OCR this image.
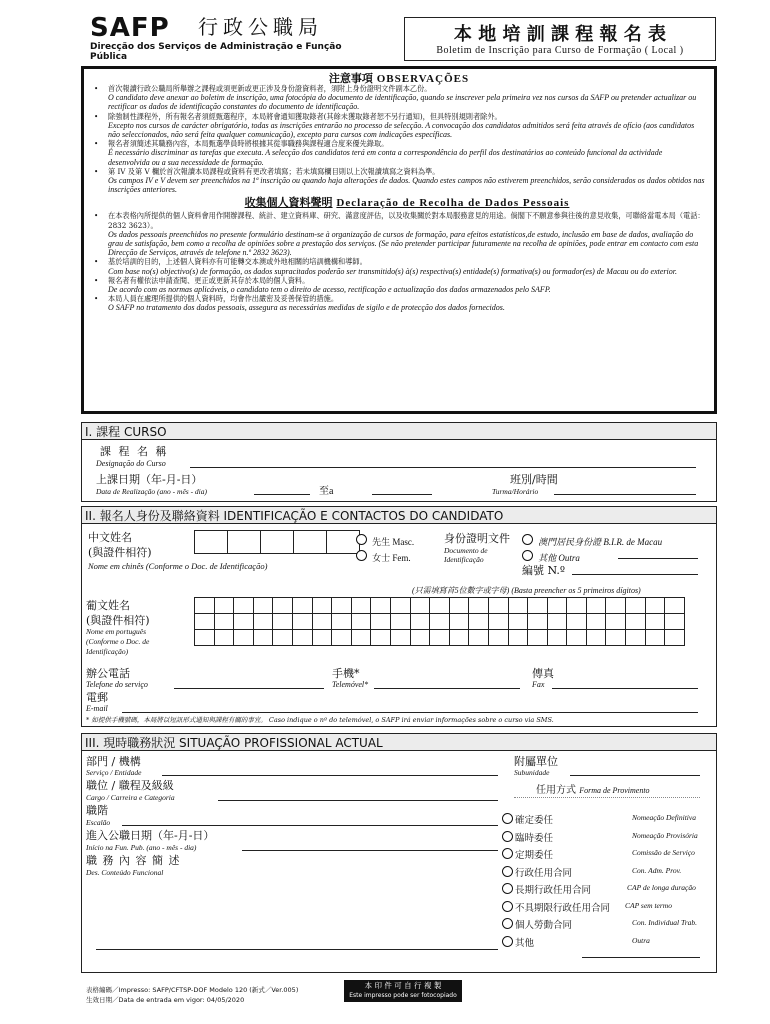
SAFP 行 政 公 職 局
Direcção dos Serviços de Administração e Função Pública
本 地 培 訓 課 程 報 名 表
Boletim de Inscrição para Curso de Formação ( Local )
注意事項 OBSERVAÇÕES
• 首次報讀行政公職局所舉辦之課程或須更新或更正涉及身份證資料者，須附上身份證明文件副本乙份。
O candidato deve anexar ao boletim de inscrição, uma fotocópia do documento de identificação, quando se inscrever pela primeira vez nos cursos da SAFP ou pretender actualizar ou rectificar os dados de identificação constantes do documento de identificação.
• 除強制性課程外，所有報名者須經甄選程序，本局將會通知獲取錄者(其餘未獲取錄者恕不另行通知)，但具特別規則者除外。
Excepto nos cursos de carácter obrigatório, todas as inscrições entrarão no processo de selecção. A convocação dos candidatos admitidos será feita através de ofício (aos candidatos não seleccionados, não será feita qualquer comunicação), excepto para cursos com indicações específicas.
• 報名者須簡述其職務內容，本局甄選學員時將根據其從事職務與課程適合度來優先錄取。
É necessário discriminar as tarefas que executa. A selecção dos candidatos terá em conta a correspondência do perfil dos destinatários ao conteúdo funcional da actividade desenvolvida ou a sua necessidade de formação.
• 第 IV 及第 V 欄於首次報讀本局課程或資料有更改者填寫；若未填寫欄目則以上次報讀填寫之資料為準。
Os campos IV e V devem ser preenchidos na 1ª inscrição ou quando haja alterações de dados. Quando estes campos não estiverem preenchidos, serão considerados os dados obtidos nas inscrições anteriores.
收集個人資料聲明 Declaração de Recolha de Dados Pessoais
• 在本表格內所提供的個人資料會用作開辦課程、統計、建立資料庫、研究、滿意度評估，以及收集關於對本局服務意見的用途。倘閣下不願意參與往後的意見收集，可聯絡當電本局（電話：2832 3623）。
Os dados pessoais preenchidos no presente formulário destinam-se à organização de cursos de formação, para efeitos estatísticos,de estudo, inclusão em base de dados, avaliação do grau de satisfação, bem como a recolha de opiniões sobre a prestação dos serviços. (Se não pretender participar futuramente na recolha de opiniões, pode entrar em contacto com esta Direcção de Serviços, através de telefone n.º 2832 3623).
• 基於培訓的目的，上述個人資料亦有可能轉交本澳或外地相關的培訓機構和導師。
Com base no(s) objectivo(s) de formação, os dados supracitados poderão ser transmitido(s) à(s) respectiva(s) entidade(s) formativa(s) ou formador(es) de Macau ou do exterior.
• 報名者有權依法申請查閱、更正或更新其存於本局的個人資料。
De acordo com as normas aplicáveis, o candidato tem o direito de acesso, rectificação e actualização dos dados armazenados pelo SAFP.
• 本局人員在處理所提供的個人資料時，均會作出嚴密及妥善保管的措施。
O SAFP no tratamento dos dados pessoais, assegura as necessárias medidas de sigilo e de protecção dos dados fornecidos.
I. 課程 CURSO
課 程 名 稱
Designação do Curso
上課日期（年-月-日）
Data de Realização (ano - mês - dia)	至a
班別/時間
Turma/Horário
II. 報名人身份及聯絡資料 IDENTIFICAÇÃO E CONTACTOS DO CANDIDATO
中文姓名
(與證件相符)
Nome em chinês (Conforme o Doc. de Identificação)

先生 Masc.
女士 Fem.
身份證明文件
Documento de Identificação
澳門居民身份證 B.I.R. de Macau
其他 Outra
編號 N.º
(只需填寫首5位數字或字母) (Basta preencher os 5 primeiros dígitos)
葡文姓名
(與證件相符)
Nome em português (Conforme o Doc. de Identificação)

辦公電話
Telefone do serviço
手機*
Telemóvel*
傳真
Fax
電郵
E-mail
* 如提供手機號碼，本局將以短訊形式通知與課程有關的事宜。 Caso indique o nº do telemóvel, o SAFP irá enviar informações sobre o curso via SMS.
III. 現時職務狀況 SITUAÇÃO PROFISSIONAL ACTUAL
部門 / 機構
Serviço / Entidade
附屬單位
Subunidade
職位 / 職程及級級
Cargo / Carreira e Categoria
職階
Escalão
進入公職日期（年-月-日）
Início na Fun. Pub. (ano - mês - dia)
職 務 內 容 簡 述
Des. Conteúdo Funcional
任用方式 Forma de Provimento
確定委任	Nomeação Definitiva
臨時委任	Nomeação Provisória
定期委任	Comissão de Serviço
行政任用合同	Con. Adm. Prov.
長期行政任用合同	CAP de longa duração
不具期限行政任用合同 CAP sem termo
個人勞動合同	Con. Individual Trab.
其他	Outra
表格編碼／Impresso: SAFP/CFTSP-DOF Modelo 120 (新式／Ver.005)
生效日期／Data de entrada em vigor: 04/05/2020
本 印 件 可 自 行 複 製
Este impresso pode ser fotocopiado
